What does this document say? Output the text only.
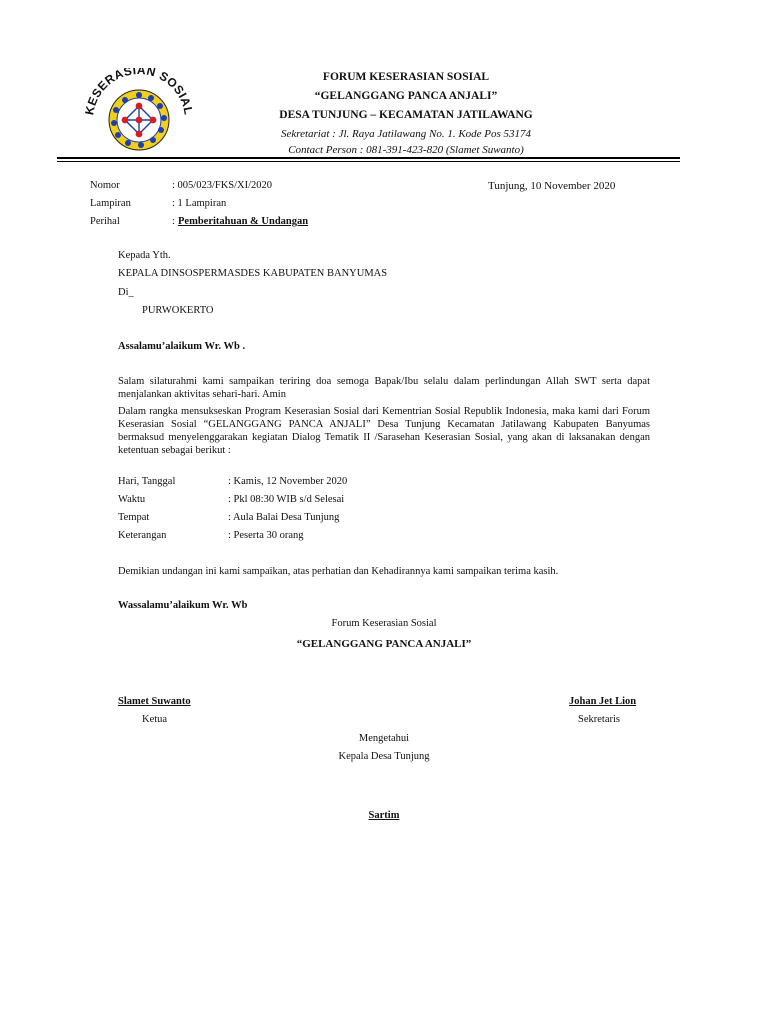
KESERASIAN SOSIAL
FORUM KESERASIAN SOSIAL
“GELANGGANG PANCA ANJALI”
DESA TUNJUNG – KECAMATAN JATILAWANG
Sekretariat : Jl. Raya Jatilawang No. 1. Kode Pos 53174
Contact Person : 081-391-423-820 (Slamet Suwanto)
Nomor	: 005/023/FKS/XI/2020	Tunjung, 10 November 2020
Lampiran	: 1 Lampiran
Perihal	: Pemberitahuan & Undangan
Kepada Yth.
KEPALA DINSOSPERMASDES KABUPATEN BANYUMAS
Di_
PURWOKERTO
Assalamu’alaikum Wr. Wb .
Salam silaturahmi kami sampaikan teriring doa semoga Bapak/Ibu selalu dalam perlindungan Allah SWT serta dapat menjalankan aktivitas sehari-hari. Amin
Dalam rangka mensukseskan Program Keserasian Sosial dari Kementrian Sosial Republik Indonesia, maka kami dari Forum Keserasian Sosial “GELANGGANG PANCA ANJALI” Desa Tunjung Kecamatan Jatilawang Kabupaten Banyumas bermaksud menyelenggarakan kegiatan Dialog Tematik II /Sarasehan Keserasian Sosial, yang akan di laksanakan dengan ketentuan sebagai berikut :
Hari, Tanggal	: Kamis, 12 November 2020
Waktu	: Pkl 08:30 WIB s/d Selesai
Tempat	: Aula Balai Desa Tunjung
Keterangan	: Peserta 30 orang
Demikian undangan ini kami sampaikan, atas perhatian dan Kehadirannya kami sampaikan terima kasih.
Wassalamu’alaikum Wr. Wb
Forum Keserasian Sosial
“GELANGGANG PANCA ANJALI”
Slamet Suwanto
Ketua
Johan Jet Lion
Sekretaris
Mengetahui
Kepala Desa Tunjung
Sartim
